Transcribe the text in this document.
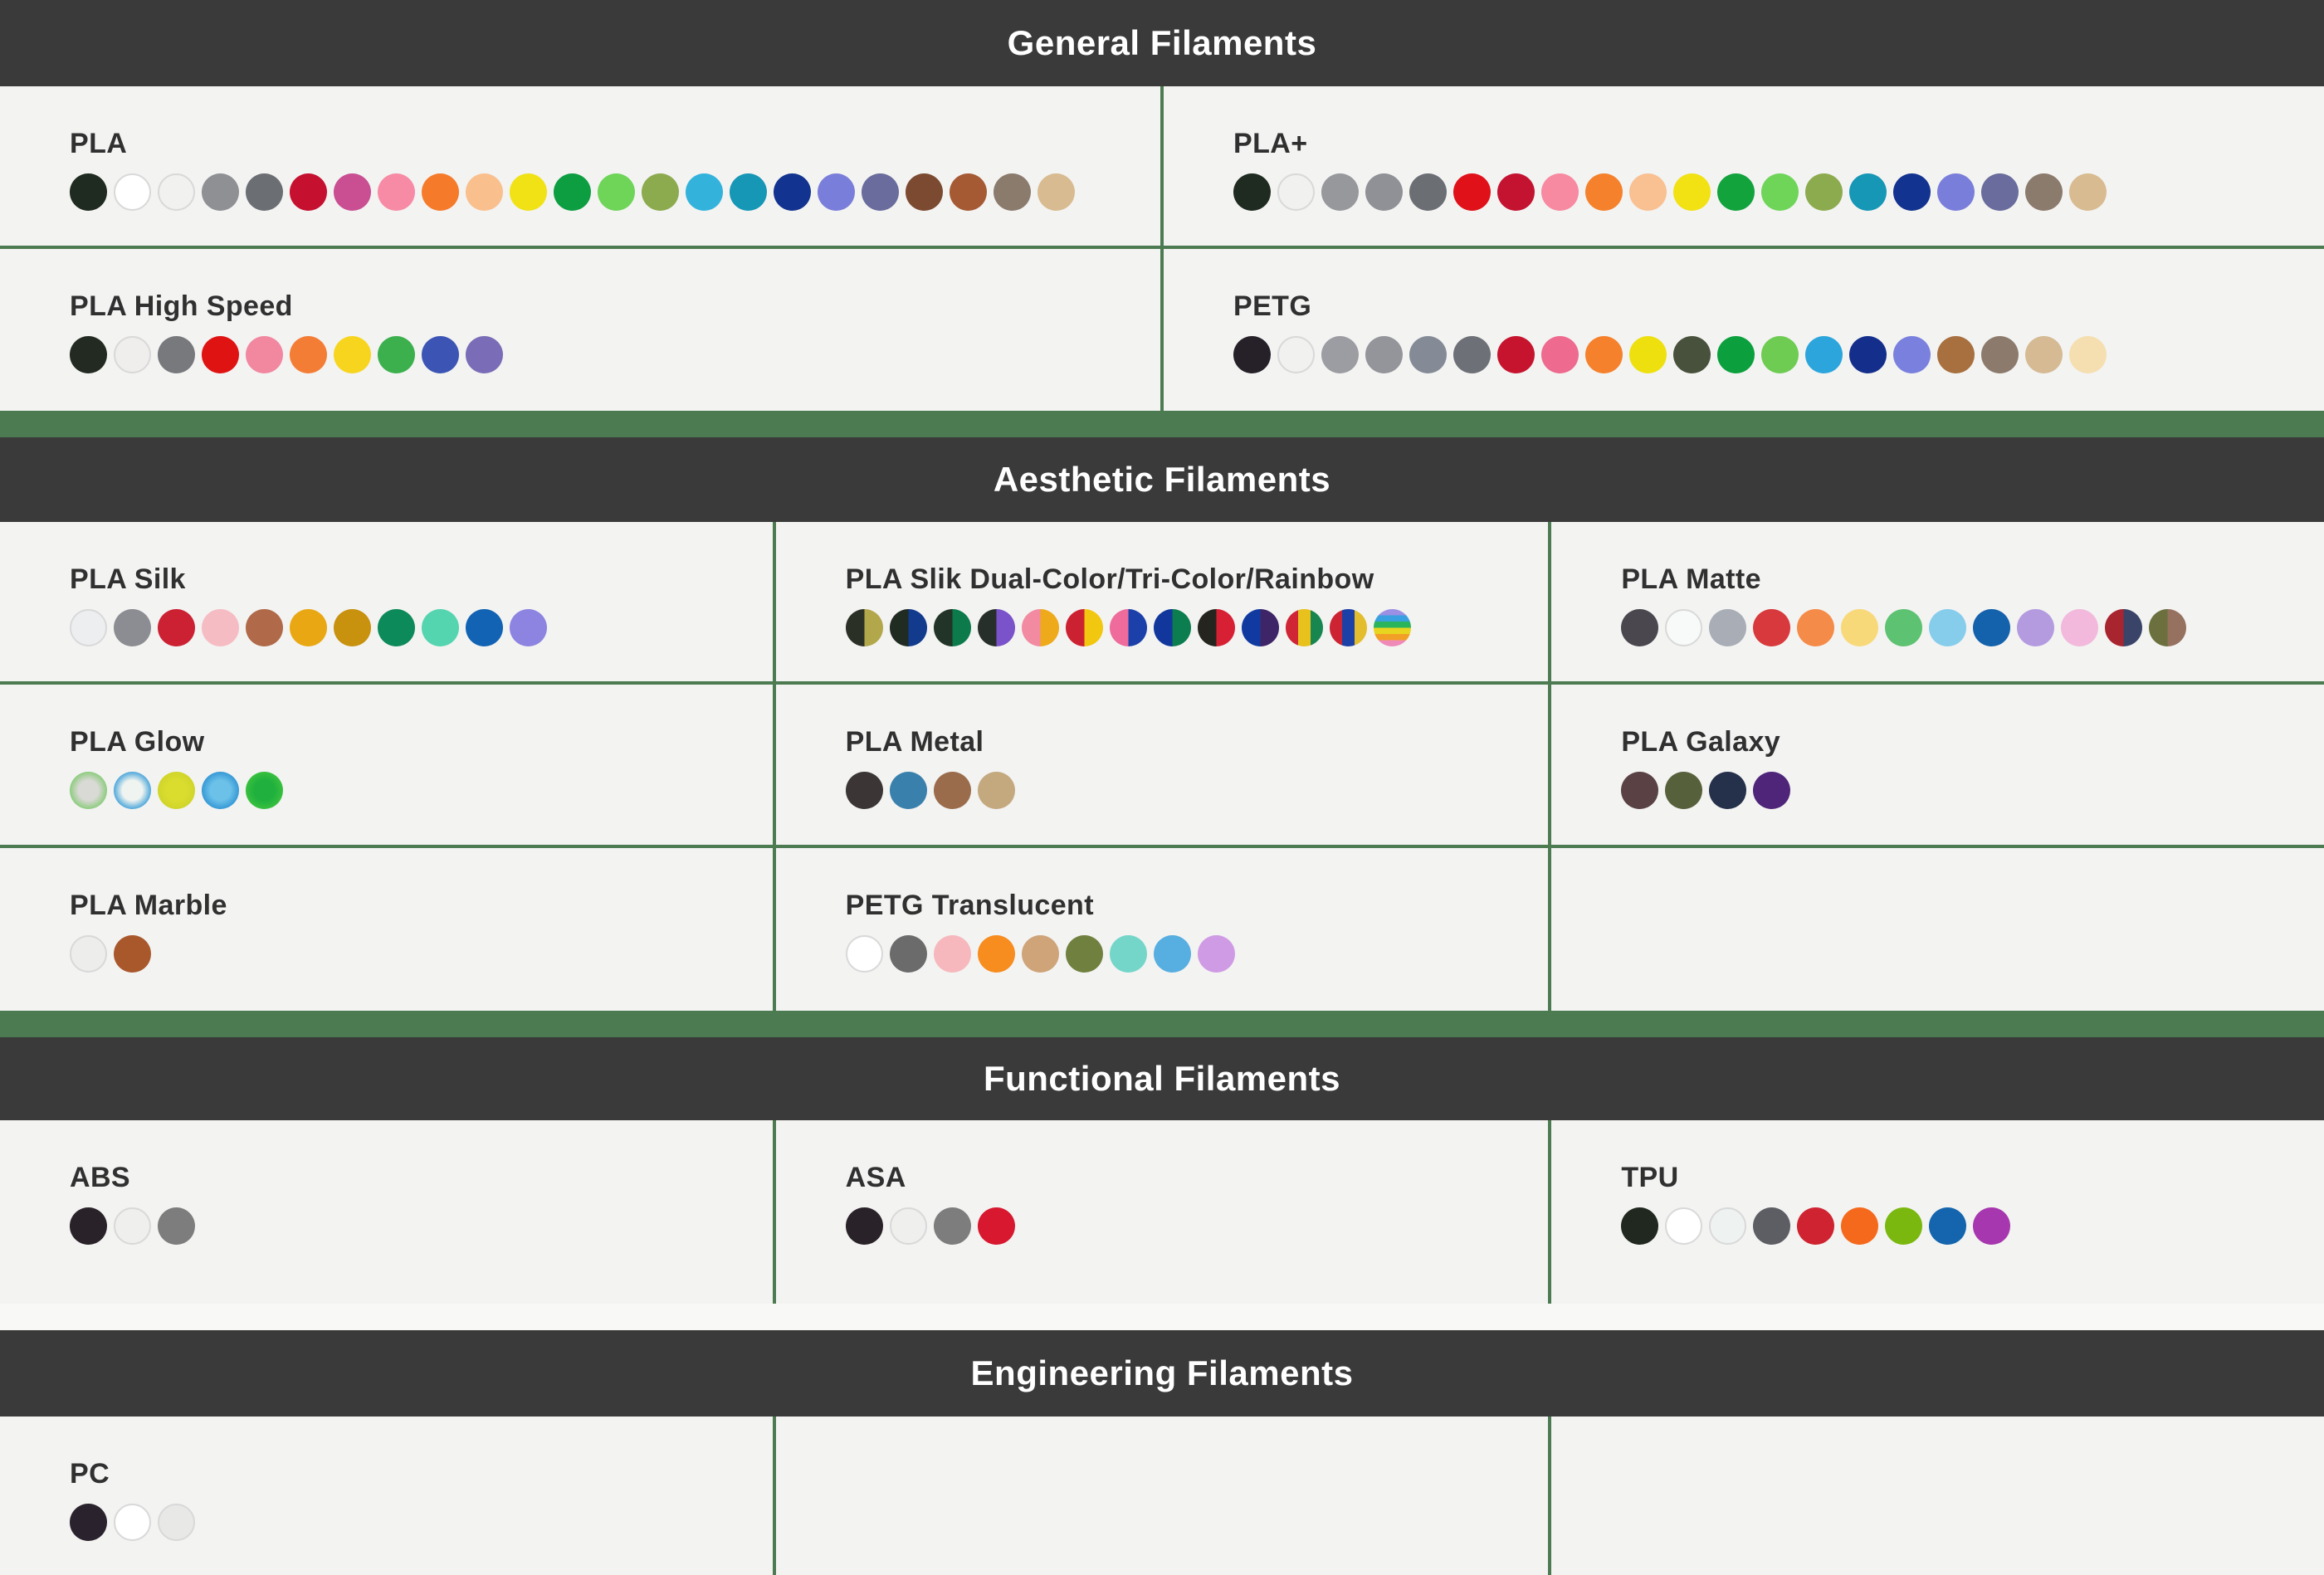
General Filaments
PLA	PLA+
PLA High Speed	PETG
Aesthetic Filaments
PLA Silk	PLA Slik Dual-Color/Tri-Color/Rainbow	PLA Matte
PLA Glow	PLA Metal	PLA Galaxy
PLA Marble	PETG Translucent
Functional Filaments
ABS	ASA	TPU
Engineering Filaments
PC
